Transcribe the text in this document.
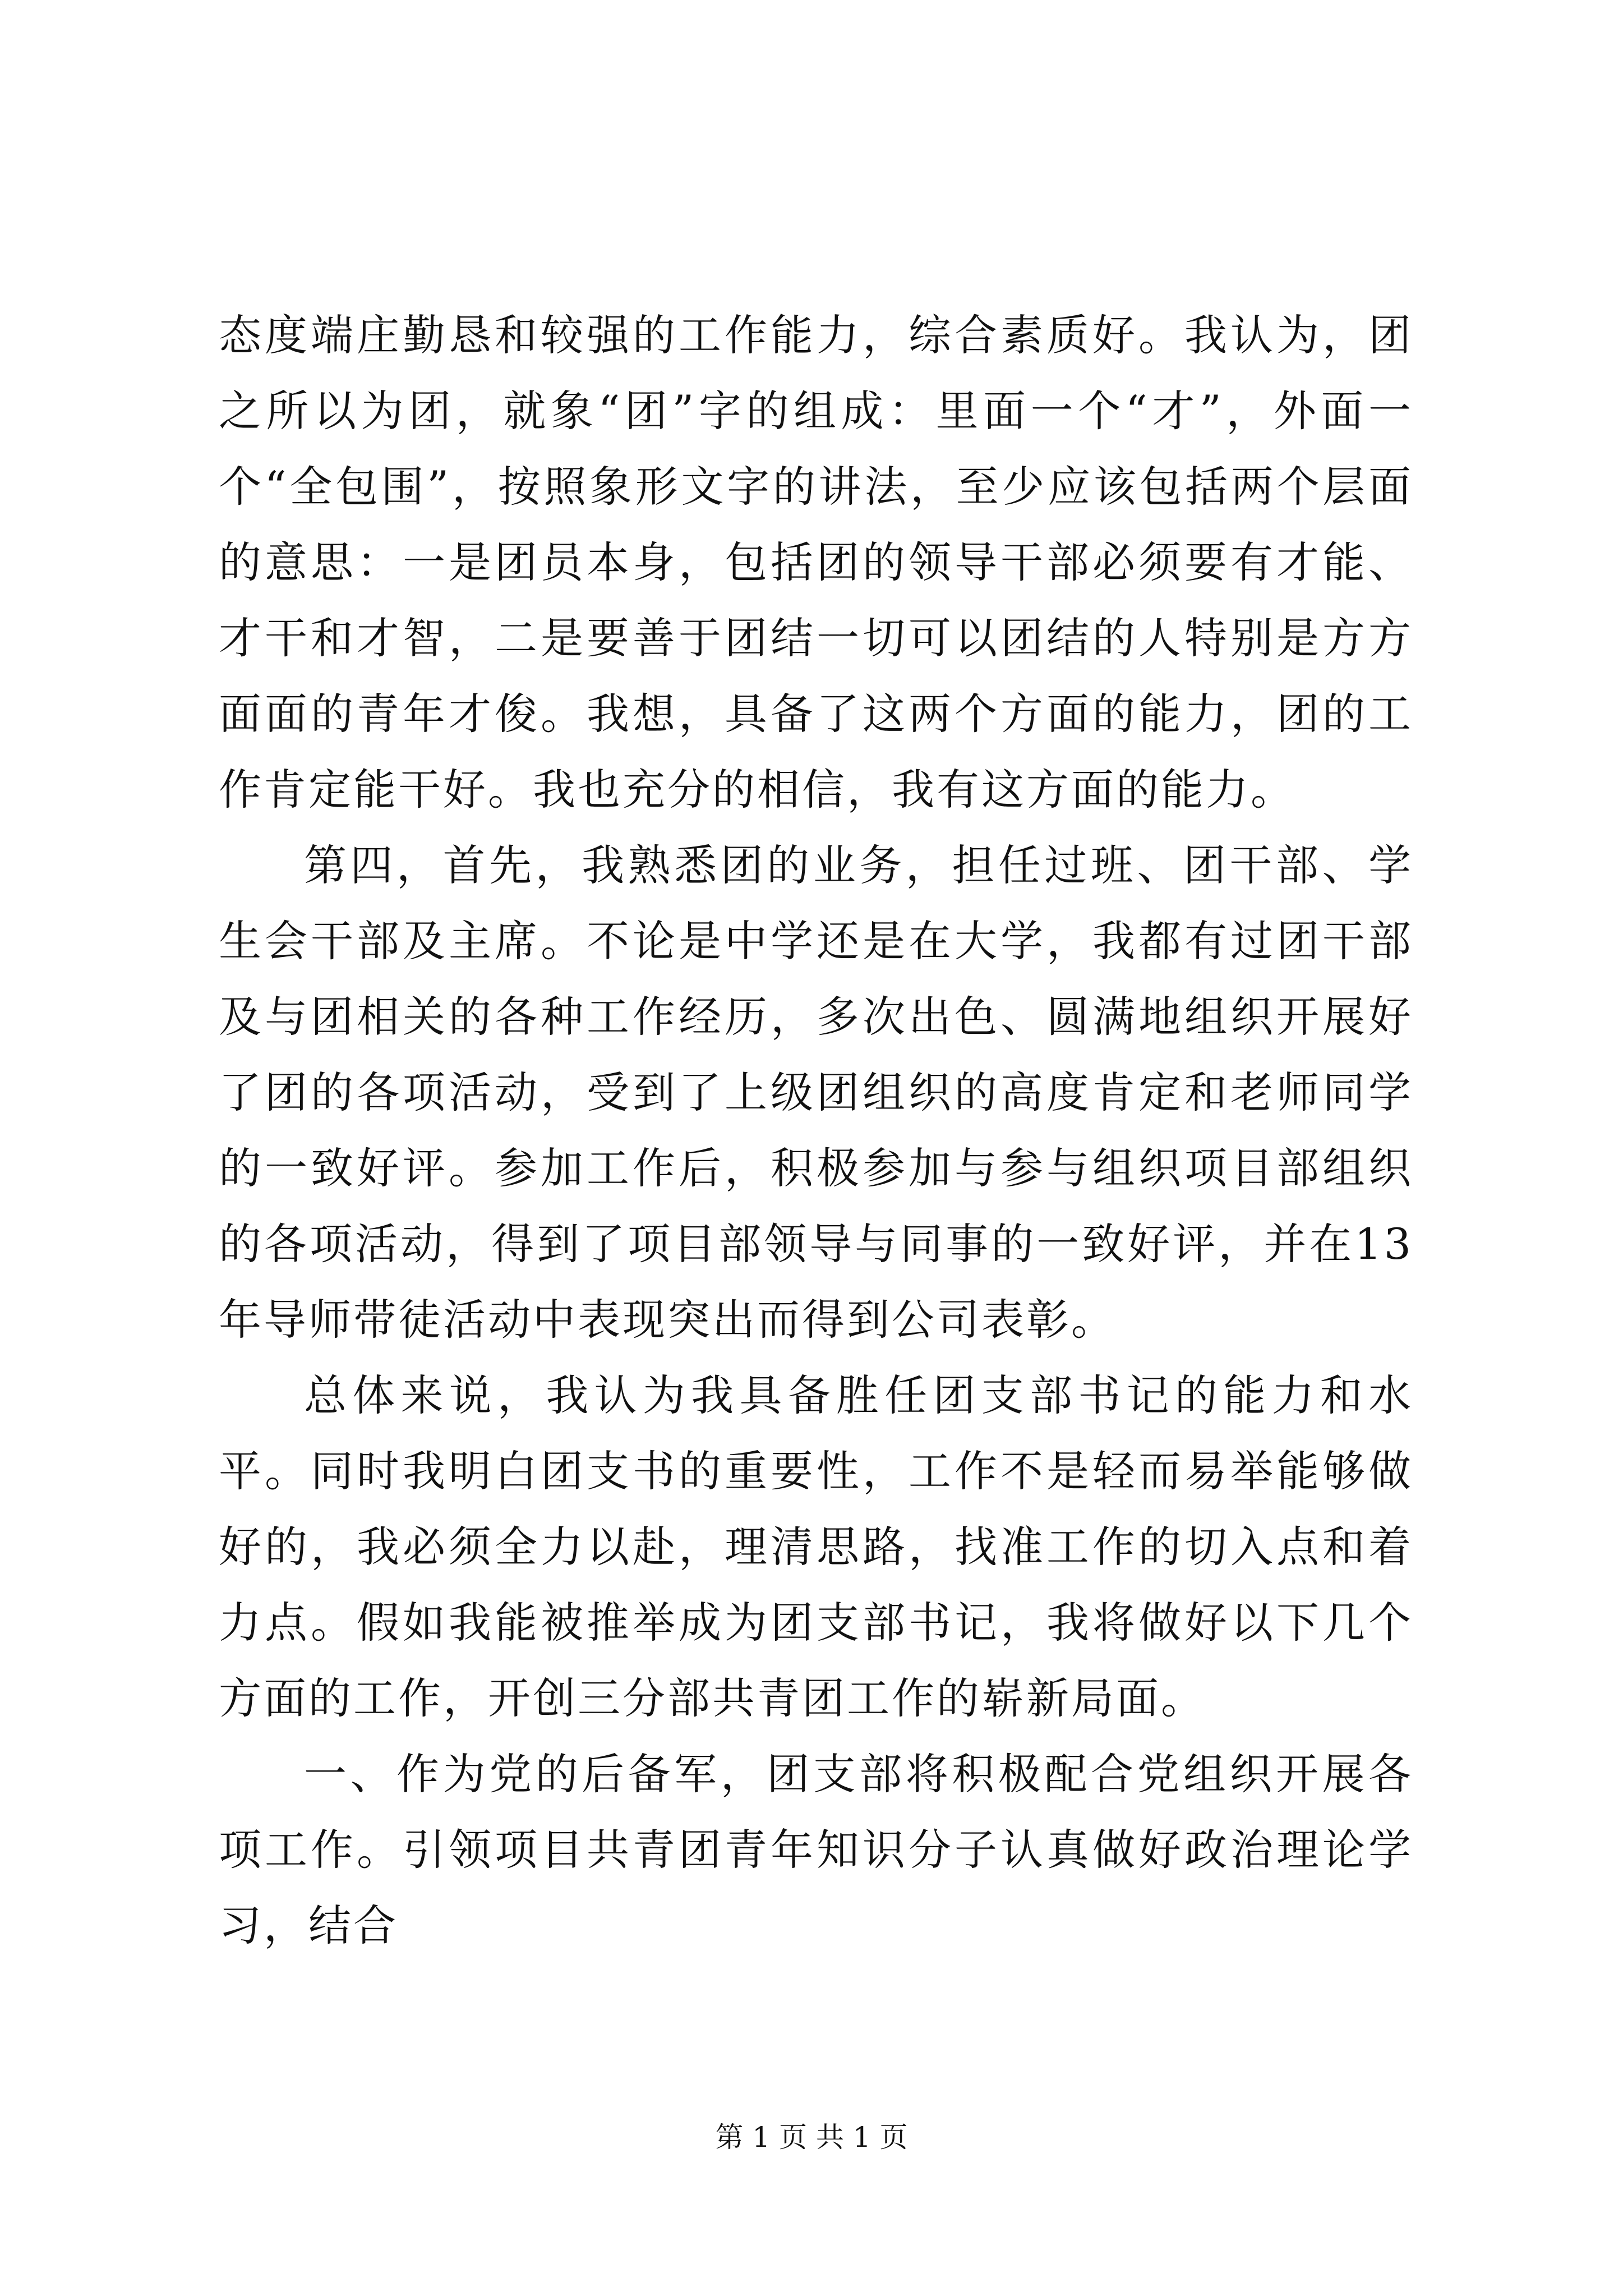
态度端庄勤恳和较强的工作能力，综合素质好。我认为，团之所以为团，就象“团”字的组成：里面一个“才”，外面一个“全包围”，按照象形文字的讲法，至少应该包括两个层面的意思：一是团员本身，包括团的领导干部必须要有才能、才干和才智，二是要善于团结一切可以团结的人特别是方方面面的青年才俊。我想，具备了这两个方面的能力，团的工作肯定能干好。我也充分的相信，我有这方面的能力。

第四，首先，我熟悉团的业务，担任过班、团干部、学生会干部及主席。不论是中学还是在大学，我都有过团干部及与团相关的各种工作经历，多次出色、圆满地组织开展好了团的各项活动，受到了上级团组织的高度肯定和老师同学的一致好评。参加工作后，积极参加与参与组织项目部组织的各项活动，得到了项目部领导与同事的一致好评，并在13年导师带徒活动中表现突出而得到公司表彰。

总体来说，我认为我具备胜任团支部书记的能力和水平。同时我明白团支书的重要性，工作不是轻而易举能够做好的，我必须全力以赴，理清思路，找准工作的切入点和着力点。假如我能被推举成为团支部书记，我将做好以下几个方面的工作，开创三分部共青团工作的崭新局面。

一、作为党的后备军，团支部将积极配合党组织开展各项工作。引领项目共青团青年知识分子认真做好政治理论学习，结合

第 1 页 共 1 页
